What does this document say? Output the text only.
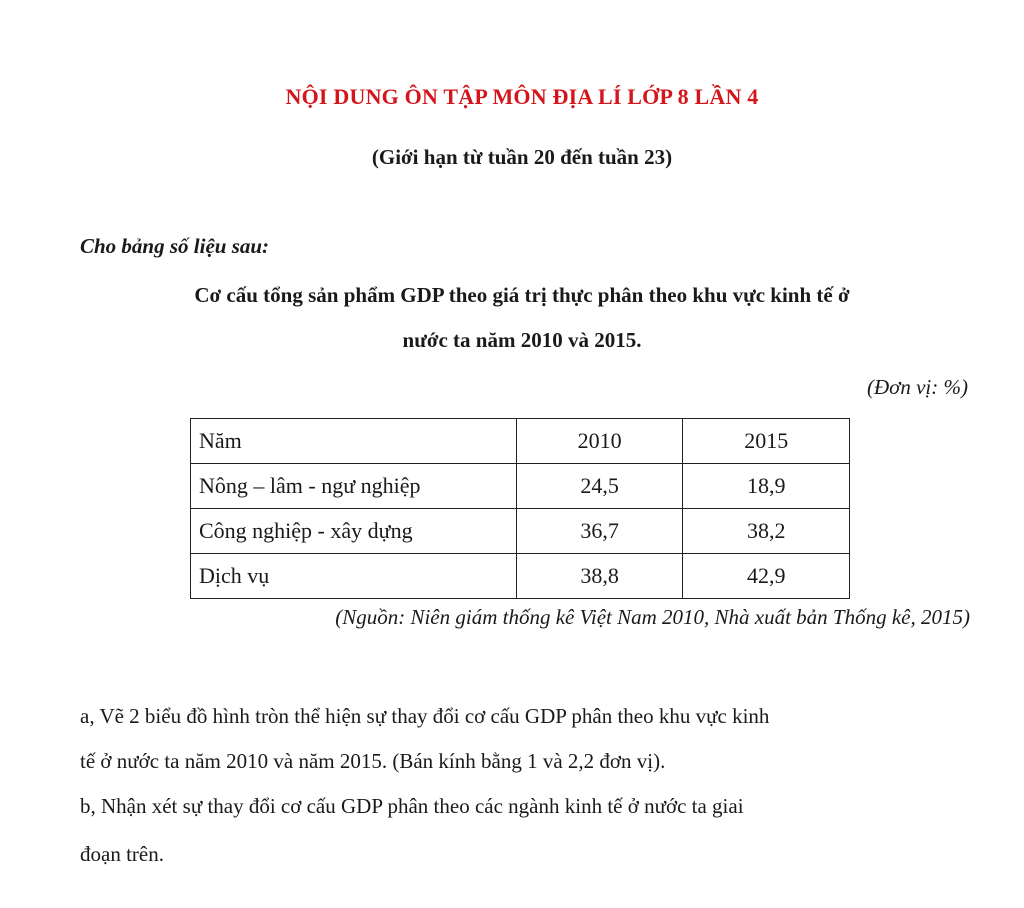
NỘI DUNG ÔN TẬP MÔN ĐỊA LÍ LỚP 8 LẦN 4
(Giới hạn từ tuần 20 đến tuần 23)
Cho bảng số liệu sau:
Cơ cấu tổng sản phẩm GDP theo giá trị thực phân theo khu vực kinh tế ở
nước ta năm 2010 và 2015.
(Đơn vị: %)
Năm	2010	2015
Nông – lâm - ngư nghiệp	24,5	18,9
Công nghiệp - xây dựng	36,7	38,2
Dịch vụ	38,8	42,9
(Nguồn: Niên giám thống kê Việt Nam 2010, Nhà xuất bản Thống kê, 2015)
a, Vẽ 2 biểu đồ hình tròn thể hiện sự thay đổi cơ cấu GDP phân theo khu vực kinh
tế ở nước ta năm 2010 và năm 2015. (Bán kính bằng 1 và 2,2 đơn vị).
b, Nhận xét sự thay đổi cơ cấu GDP phân theo các ngành kinh tế ở nước ta giai
đoạn trên.
